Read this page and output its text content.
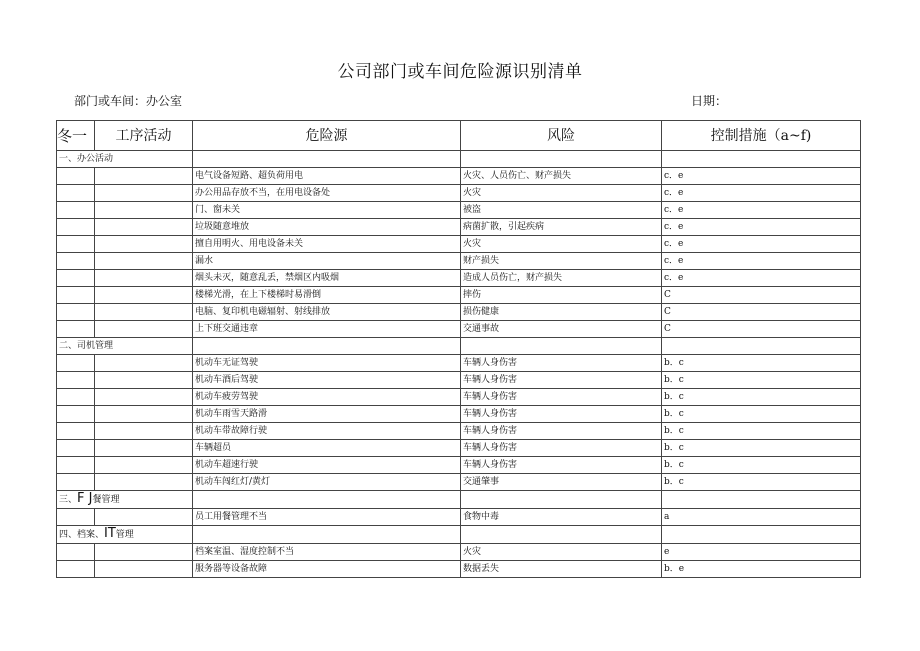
公司部门或车间危险源识别清单
部门或车间：办公室	日期：
冬一	工序活动	危险源	风险	控制措施（a~f)
一、办公活动				
		电气设备短路、超负荷用电	火灾、人员伤亡、财产损失	c．e
		办公用品存放不当，在用电设备处	火灾	c．e
		门、窗未关	被盗	c．e
		垃圾随意堆放	病菌扩散，引起疾病	c．e
		擅自用明火、用电设备未关	火灾	c．e
		漏水	财产损失	c．e
		烟头未灭，随意乱丢，禁烟区内吸烟	造成人员伤亡，财产损失	c．e
		楼梯光滑，在上下楼梯时易滑倒	摔伤	C
		电脑、复印机电磁辐射、射线排放	损伤健康	C
		上下班交通违章	交通事故	C
二、司机管理				
		机动车无证驾驶	车辆人身伤害	b．c
		机动车酒后驾驶	车辆人身伤害	b．c
		机动车疲劳驾驶	车辆人身伤害	b．c
		机动车雨雪天路滑	车辆人身伤害	b．c
		机动车带故障行驶	车辆人身伤害	b．c
		车辆超员	车辆人身伤害	b．c
		机动车超速行驶	车辆人身伤害	b．c
		机动车闯红灯/黄灯	交通肇事	b．c
三、F J餐管理				
		员工用餐管理不当	食物中毒	a
四、档案、IT管理				
		档案室温、湿度控制不当	火灾	e
		服务器等设备故障	数据丢失	b．e
